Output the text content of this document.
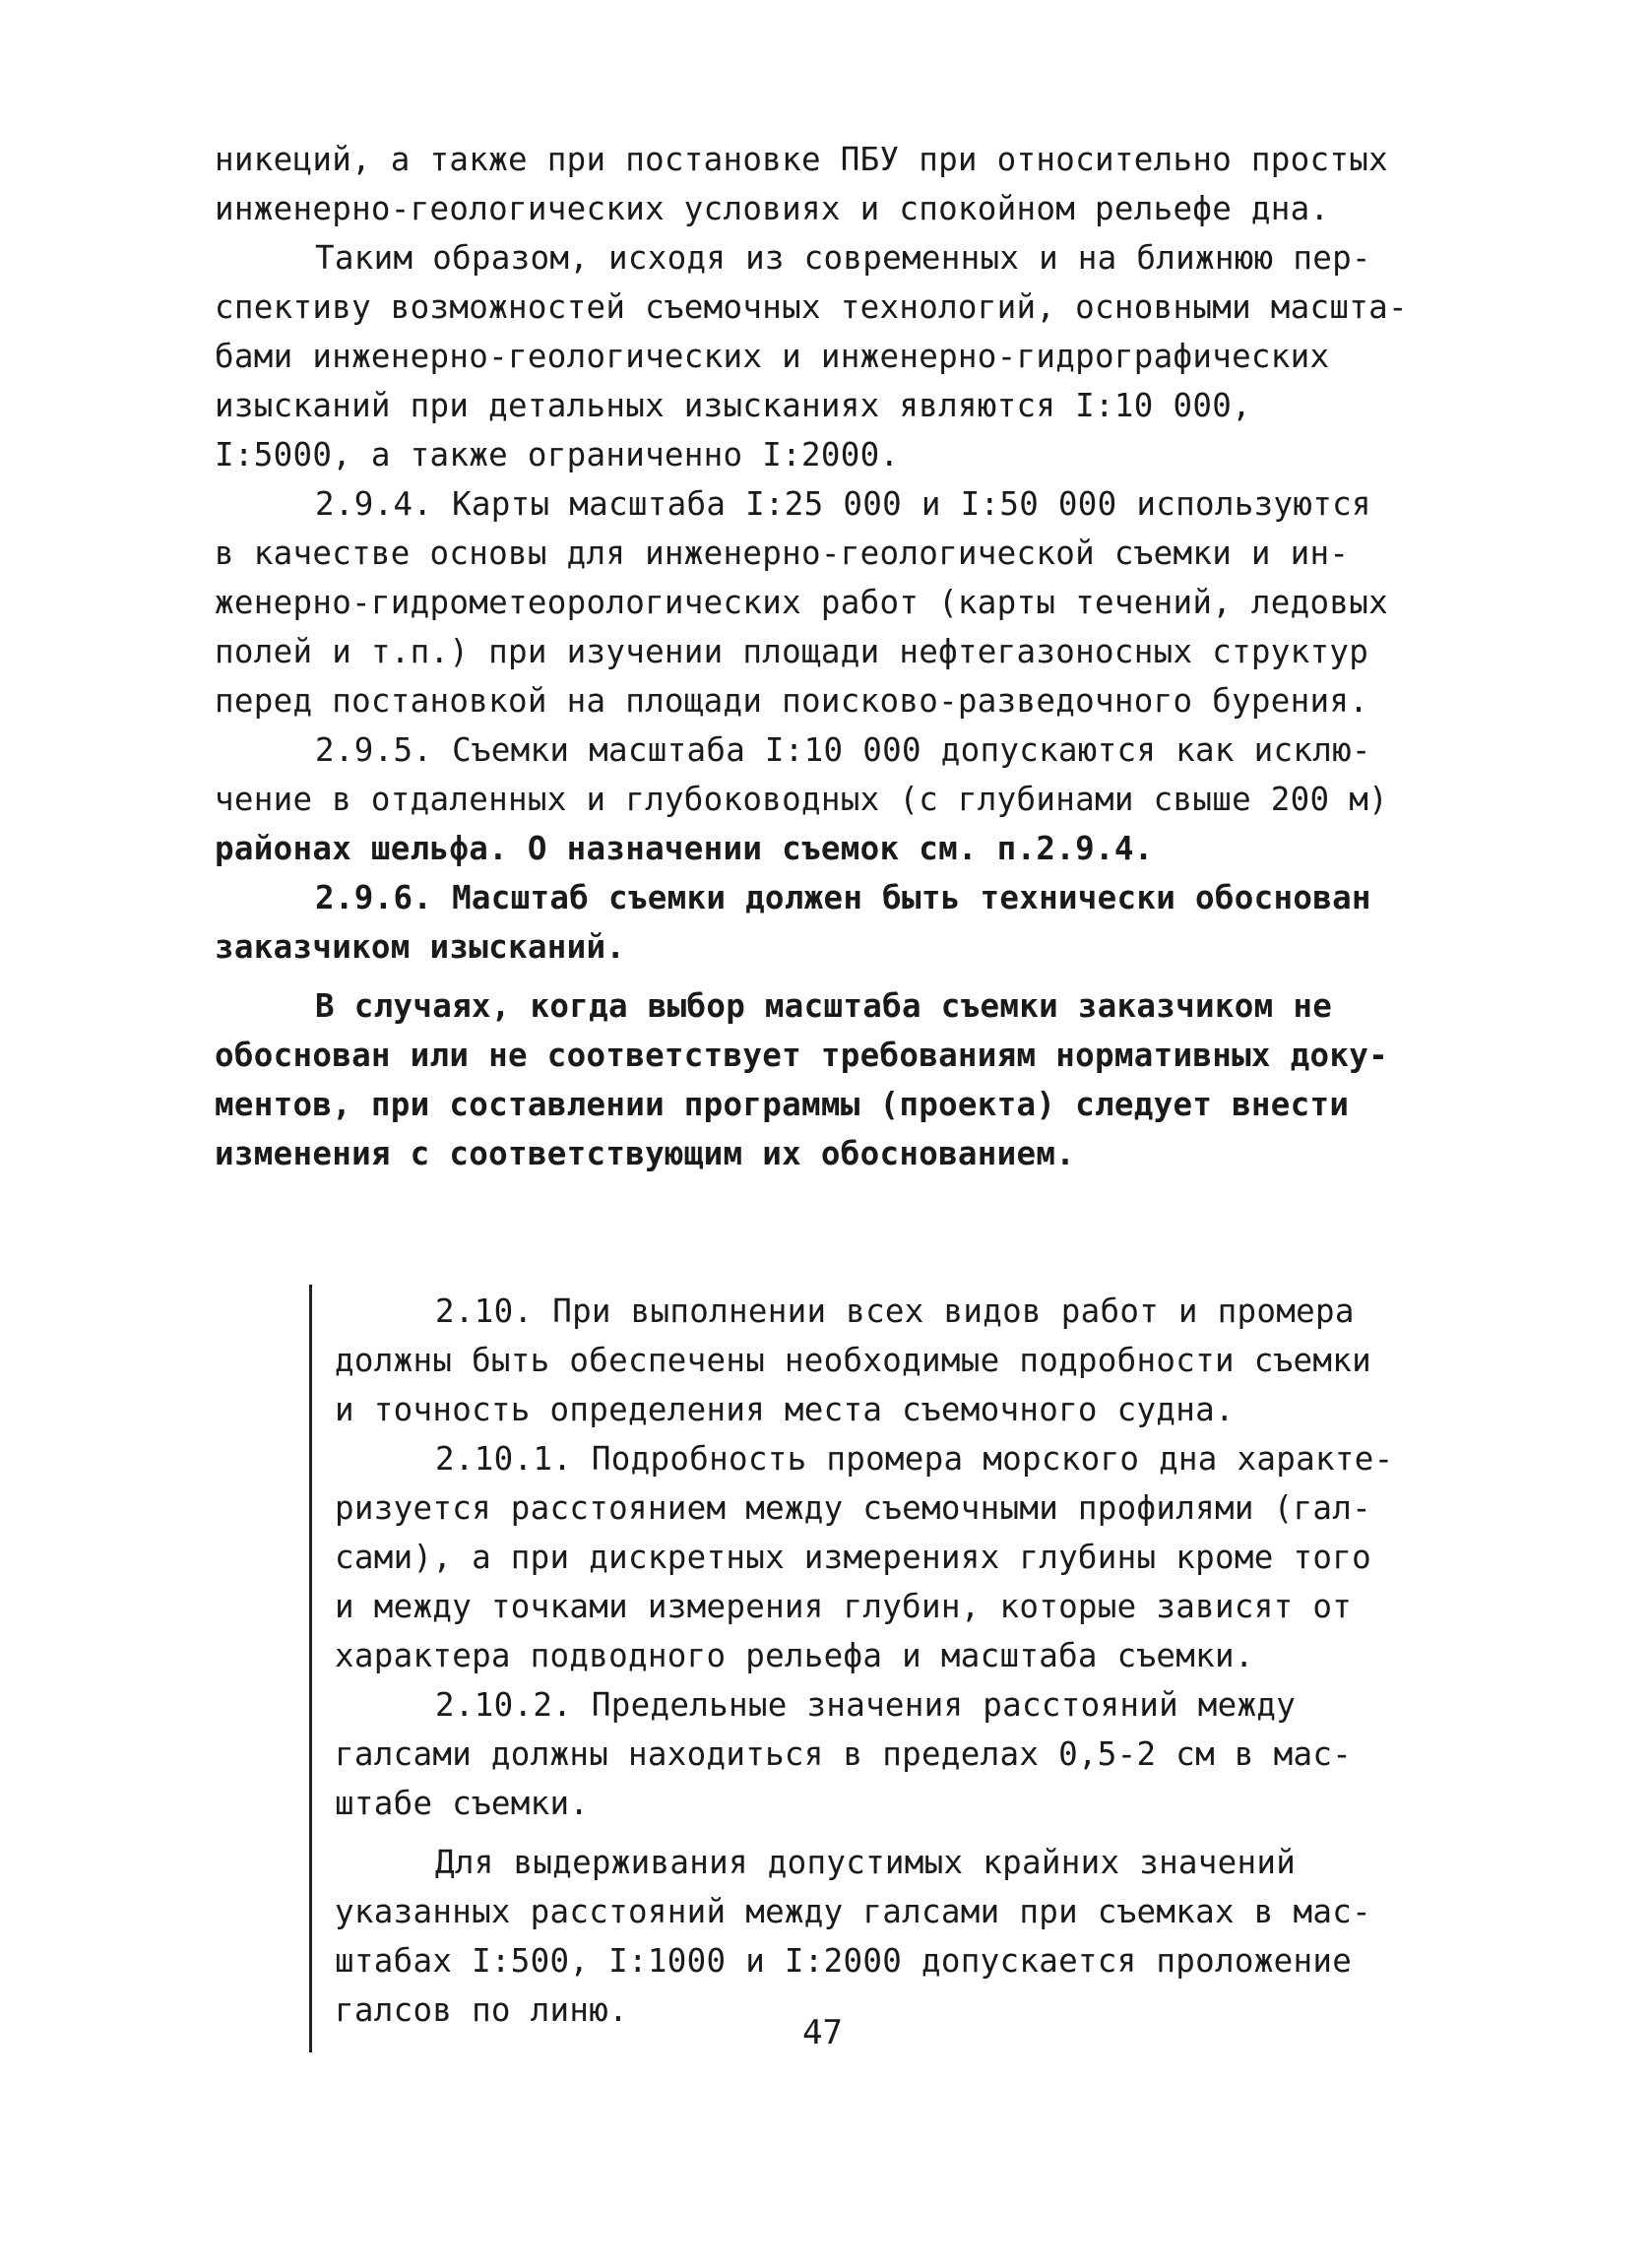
никеций, а также при постановке ПБУ при относительно простых
инженерно-геологических условиях и спокойном рельефе дна.
Таким образом, исходя из современных и на ближнюю пер-
спективу возможностей съемочных технологий, основными масшта-
бами инженерно-геологических и инженерно-гидрографических
изысканий при детальных изысканиях являются I:10 000,
I:5000, а также ограниченно I:2000.
2.9.4. Карты масштаба I:25 000 и I:50 000 используются
в качестве основы для инженерно-геологической съемки и ин-
женерно-гидрометеорологических работ (карты течений, ледовых
полей и т.п.) при изучении площади нефтегазоносных структур
перед постановкой на площади поисково-разведочного бурения.
2.9.5. Съемки масштаба I:10 000 допускаются как исклю-
чение в отдаленных и глубоководных (с глубинами свыше 200 м)
районах шельфа. О назначении съемок см. п.2.9.4.
2.9.6. Масштаб съемки должен быть технически обоснован
заказчиком изысканий.
В случаях, когда выбор масштаба съемки заказчиком не
обоснован или не соответствует требованиям нормативных доку-
ментов, при составлении программы (проекта) следует внести
изменения с соответствующим их обоснованием.
2.10. При выполнении всех видов работ и промера
должны быть обеспечены необходимые подробности съемки
и точность определения места съемочного судна.
2.10.1. Подробность промера морского дна характе-
ризуется расстоянием между съемочными профилями (гал-
сами), а при дискретных измерениях глубины кроме того
и между точками измерения глубин, которые зависят от
характера подводного рельефа и масштаба съемки.
2.10.2. Предельные значения расстояний между
галсами должны находиться в пределах 0,5-2 см в мас-
штабе съемки.
Для выдерживания допустимых крайних значений
указанных расстояний между галсами при съемках в мас-
штабах I:500, I:1000 и I:2000 допускается проложение
галсов по линю.
47
